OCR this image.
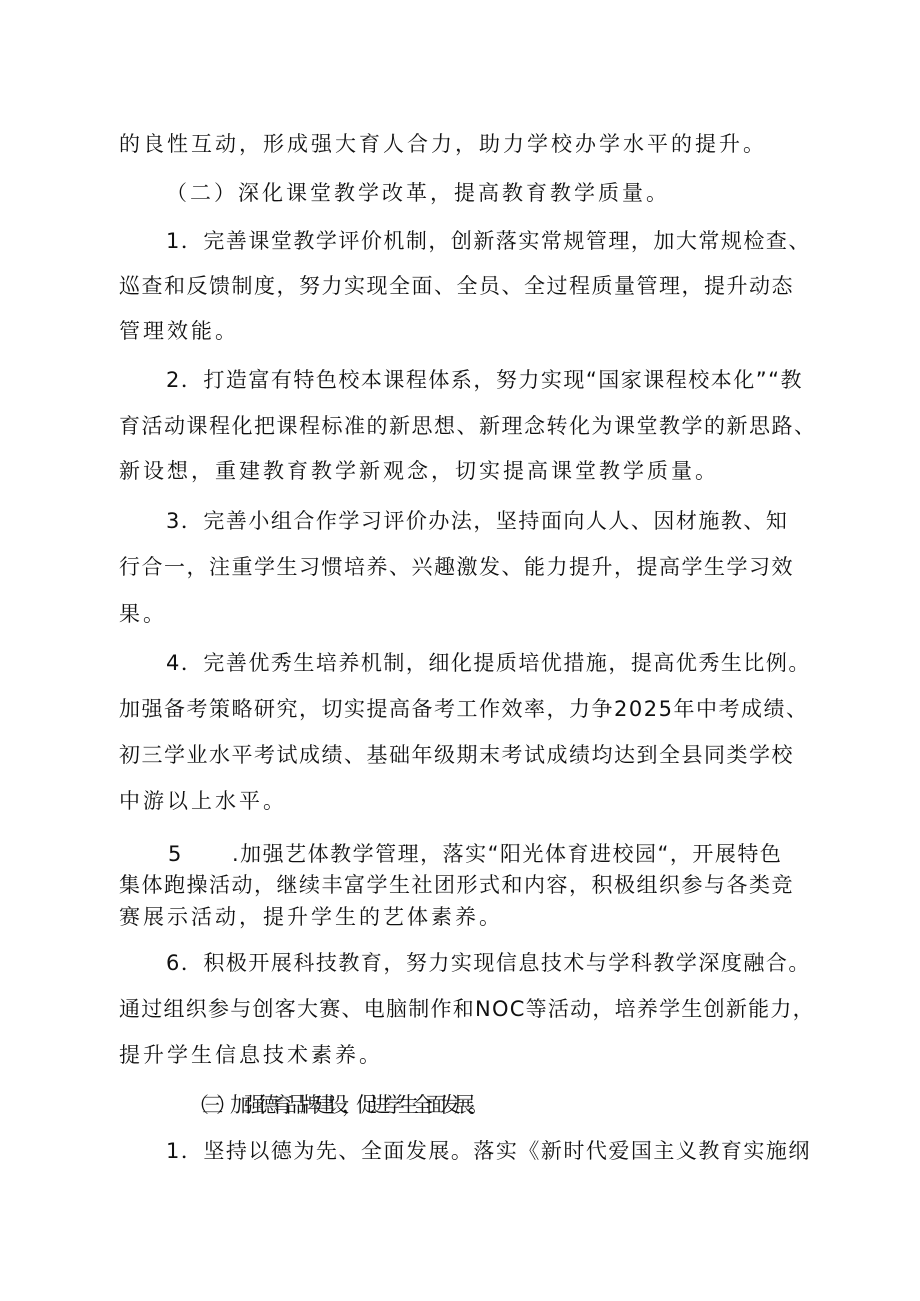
的良性互动，形成强大育人合力，助力学校办学水平的提升。
（二）深化课堂教学改革，提高教育教学质量。
1．完善课堂教学评价机制，创新落实常规管理，加大常规检查、
巡查和反馈制度，努力实现全面、全员、全过程质量管理，提升动态
管理效能。
2．打造富有特色校本课程体系，努力实现“国家课程校本化”“教
育活动课程化把课程标准的新思想、新理念转化为课堂教学的新思路、
新设想，重建教育教学新观念，切实提高课堂教学质量。
3．完善小组合作学习评价办法，坚持面向人人、因材施教、知
行合一，注重学生习惯培养、兴趣激发、能力提升，提高学生学习效
果。
4．完善优秀生培养机制，细化提质培优措施，提高优秀生比例。
加强备考策略研究，切实提高备考工作效率，力争2025年中考成绩、
初三学业水平考试成绩、基础年级期末考试成绩均达到全县同类学校
中游以上水平。
5 .加强艺体教学管理，落实“阳光体育进校园“，开展特色
集体跑操活动，继续丰富学生社团形式和内容，积极组织参与各类竞
赛展示活动，提升学生的艺体素养。
6．积极开展科技教育，努力实现信息技术与学科教学深度融合。
通过组织参与创客大赛、电脑制作和NOC等活动，培养学生创新能力，
提升学生信息技术素养。
（三）加强德育品牌建设，促进学生全面发展。
1．坚持以德为先、全面发展。落实《新时代爱国主义教育实施纲
